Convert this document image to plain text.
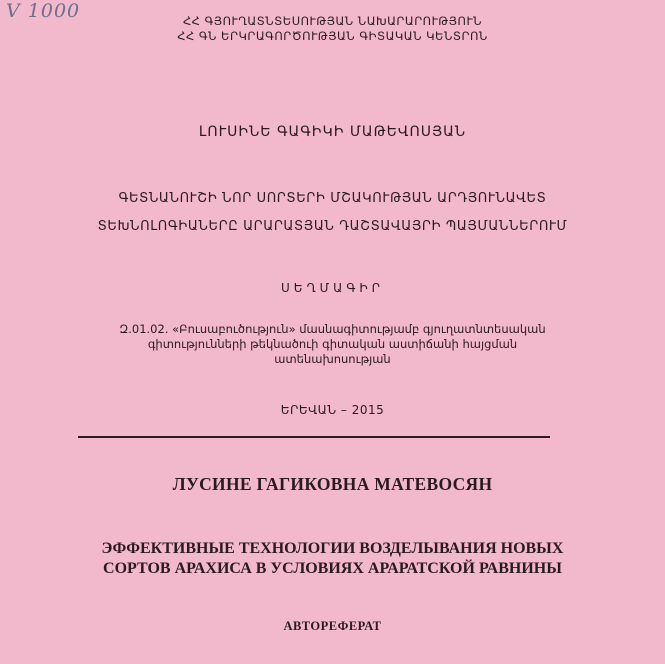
V 1000	ՀՀ ԳՅՈՒՂԱՏՆՏԵՍՈՒԹՅԱՆ ՆԱԽԱՐԱՐՈՒԹՅՈՒՆ
ՀՀ ԳՆ ԵՐԿՐԱԳՈՐԾՈՒԹՅԱՆ ԳԻՏԱԿԱՆ ԿԵՆՏՐՈՆ
ԼՈՒՍԻՆԵ ԳԱԳԻԿԻ ՄԱԹԵՎՈՍՅԱՆ
ԳԵՏՆԱՆՈՒՇԻ ՆՈՐ ՍՈՐՏԵՐԻ ՄՇԱԿՈՒԹՅԱՆ ԱՐԴՅՈՒՆԱՎԵՏ
ՏԵԽՆՈԼՈԳԻԱՆԵՐԸ ԱՐԱՐԱՏՅԱՆ ԴԱՇՏԱՎԱՅՐԻ ՊԱՅՄԱՆՆԵՐՈՒՄ
ՍԵՂՄԱԳԻՐ
Զ.01.02. «Բուսաբուծություն» մասնագիտությամբ գյուղատնտեսական
գիտությունների թեկնածուի գիտական աստիճանի հայցման
ատենախոսության
ԵՐԵՎԱՆ – 2015
ЛУСИНЕ ГАГИКОВНА МАТЕВОСЯН
ЭФФЕКТИВНЫЕ ТЕХНОЛОГИИ ВОЗДЕЛЫВАНИЯ НОВЫХ
СОРТОВ АРАХИСА В УСЛОВИЯХ АРАРАТСКОЙ РАВНИНЫ
АВТОРЕФЕРАТ
